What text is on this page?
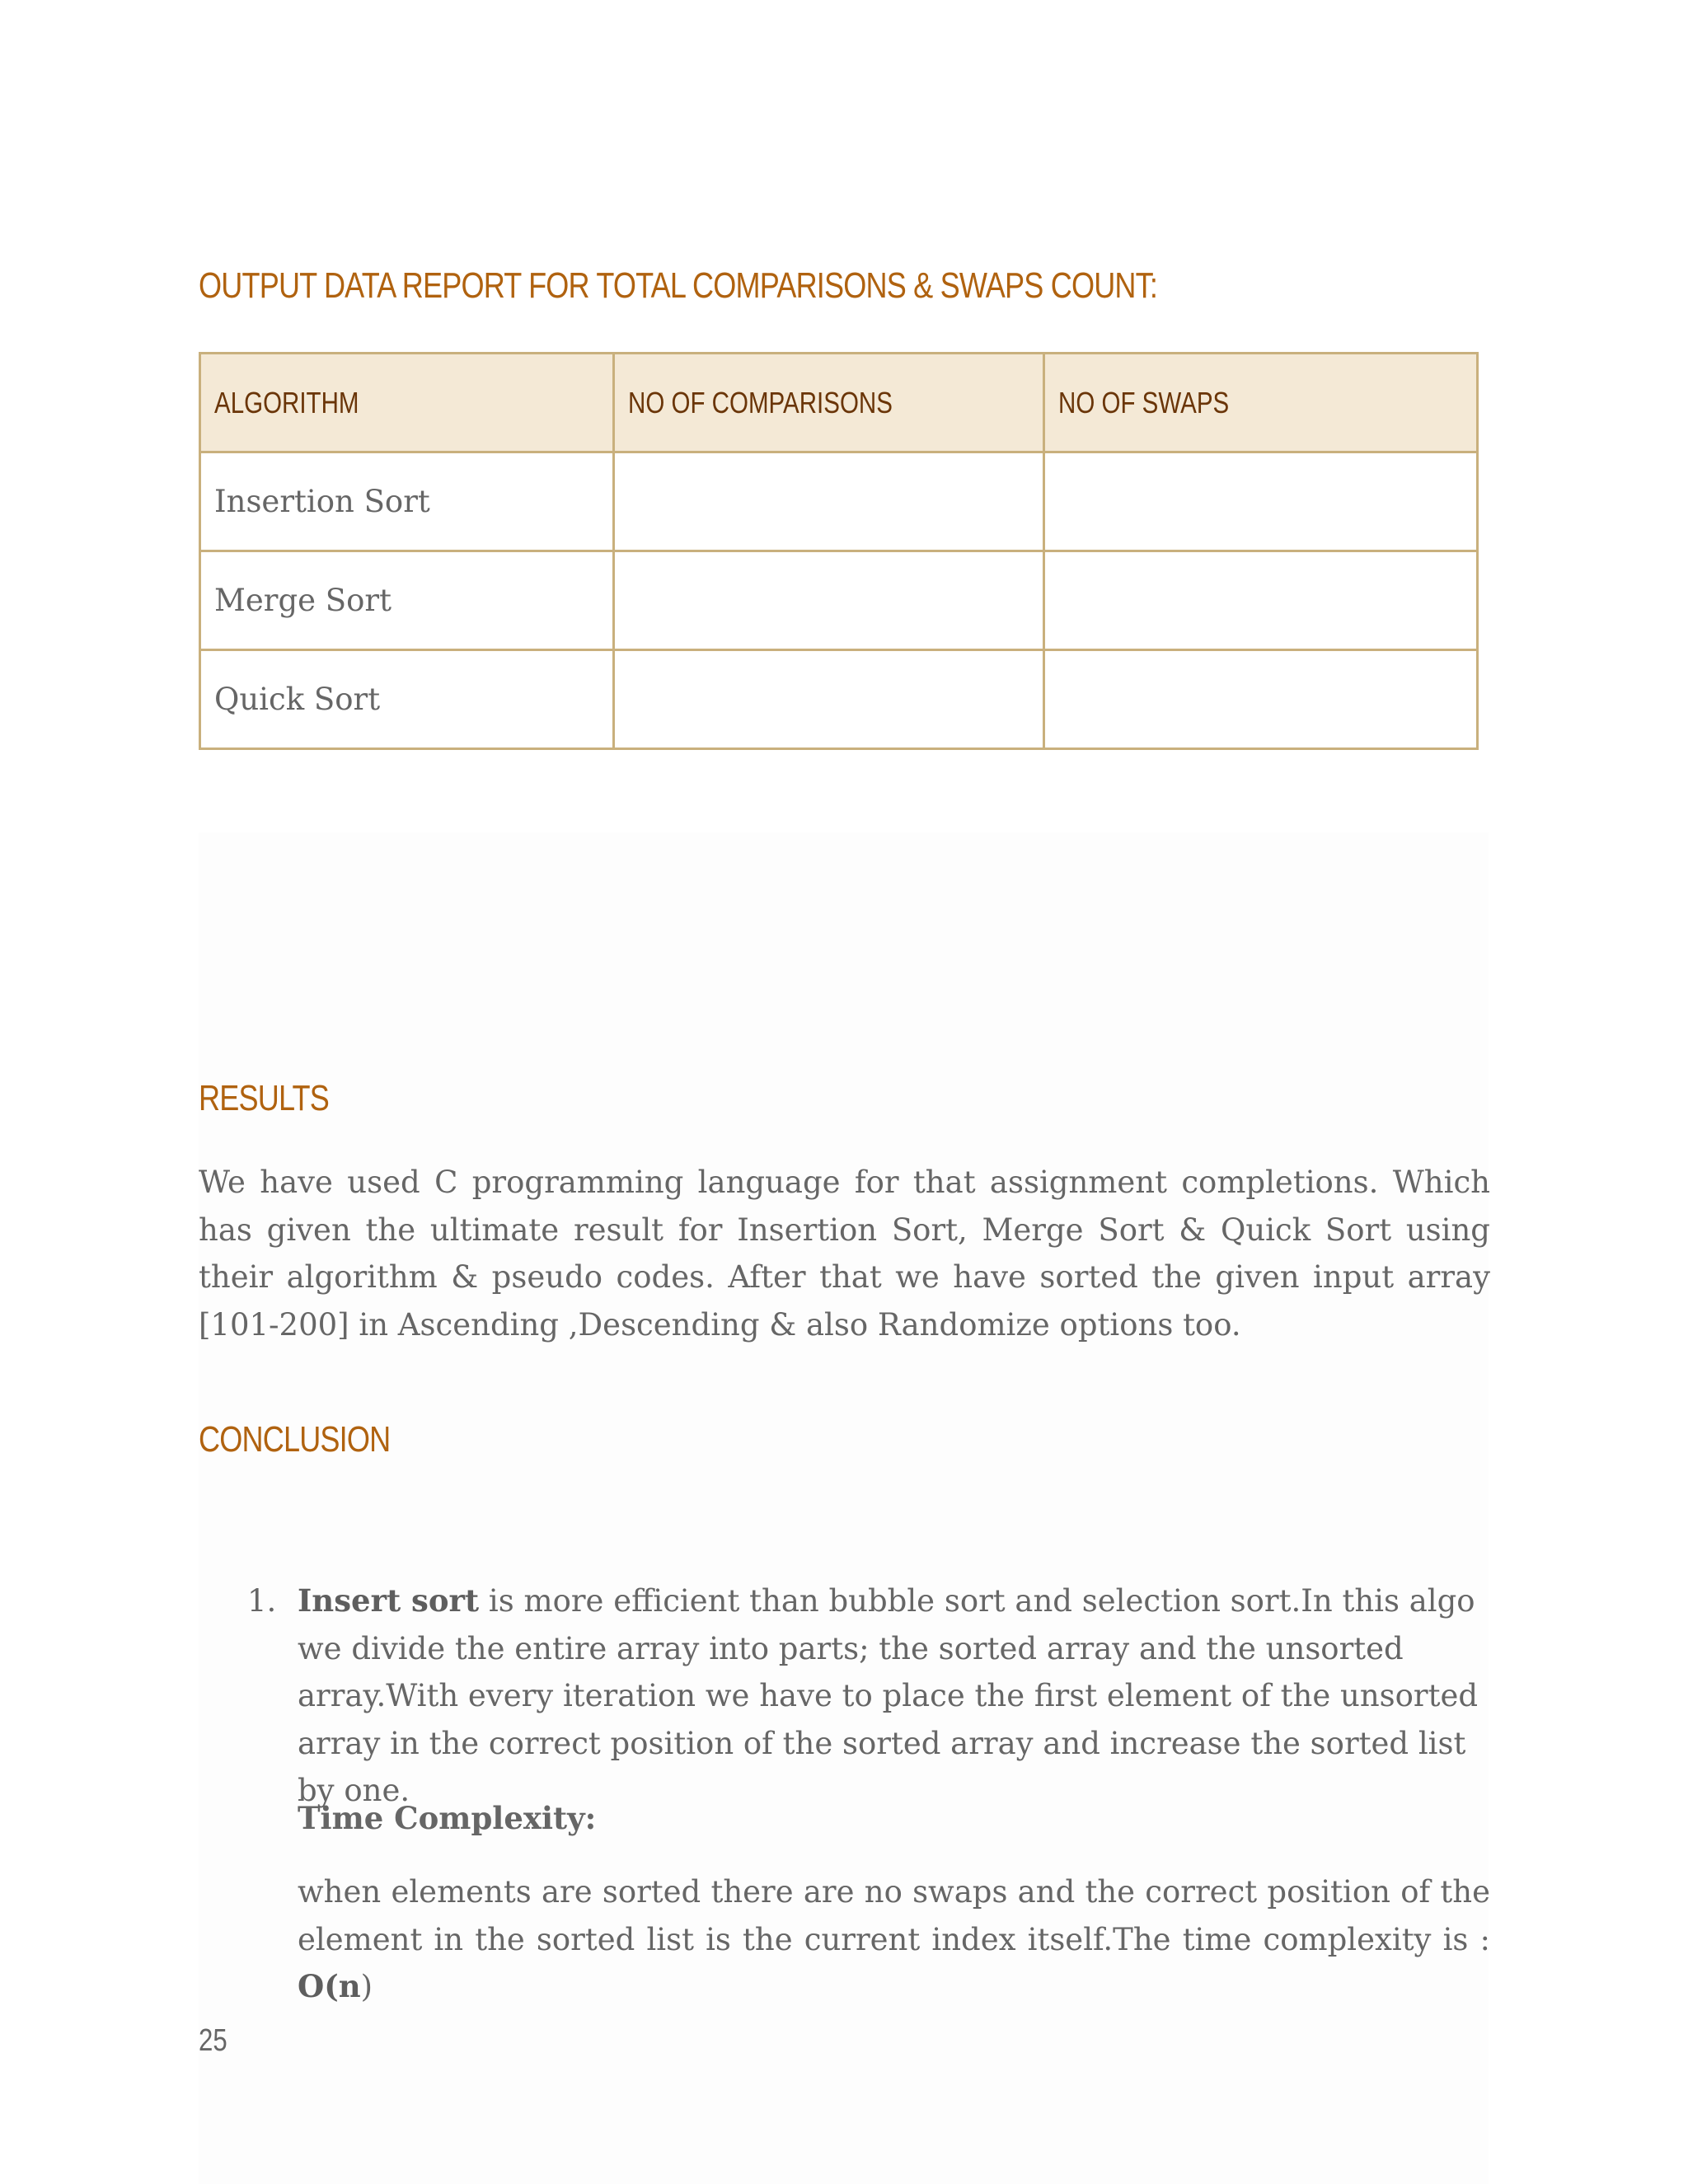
OUTPUT DATA REPORT FOR TOTAL COMPARISONS & SWAPS COUNT:
ALGORITHM	NO OF COMPARISONS	NO OF SWAPS
Insertion Sort		
Merge Sort		
Quick Sort		
RESULTS

We have used C programming language for that assignment completions. Which has given the ultimate result for Insertion Sort, Merge Sort & Quick Sort using their algorithm & pseudo codes. After that we have sorted the given input array [101-200] in Ascending ,Descending & also Randomize options too.

CONCLUSION
1. Insert sort is more efficient than bubble sort and selection sort.In this algo we divide the entire array into parts; the sorted array and the unsorted array.With every iteration we have to place the first element of the unsorted array in the correct position of the sorted array and increase the sorted list by one.

Time Complexity:

when elements are sorted there are no swaps and the correct position of the element in the sorted list is the current index itself.The time complexity is : O(n)

25
